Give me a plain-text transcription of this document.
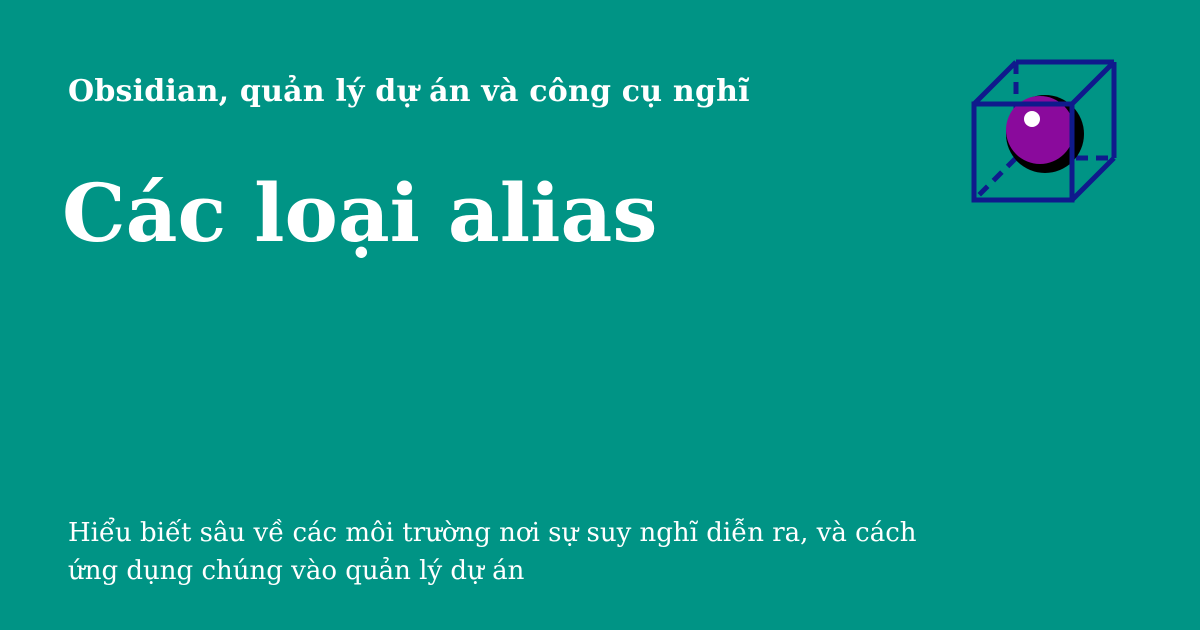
Obsidian, quản lý dự án và công cụ nghĩ
Các loại alias

Hiểu biết sâu về các môi trường nơi sự suy nghĩ diễn ra, và cách ứng dụng chúng vào quản lý dự án
